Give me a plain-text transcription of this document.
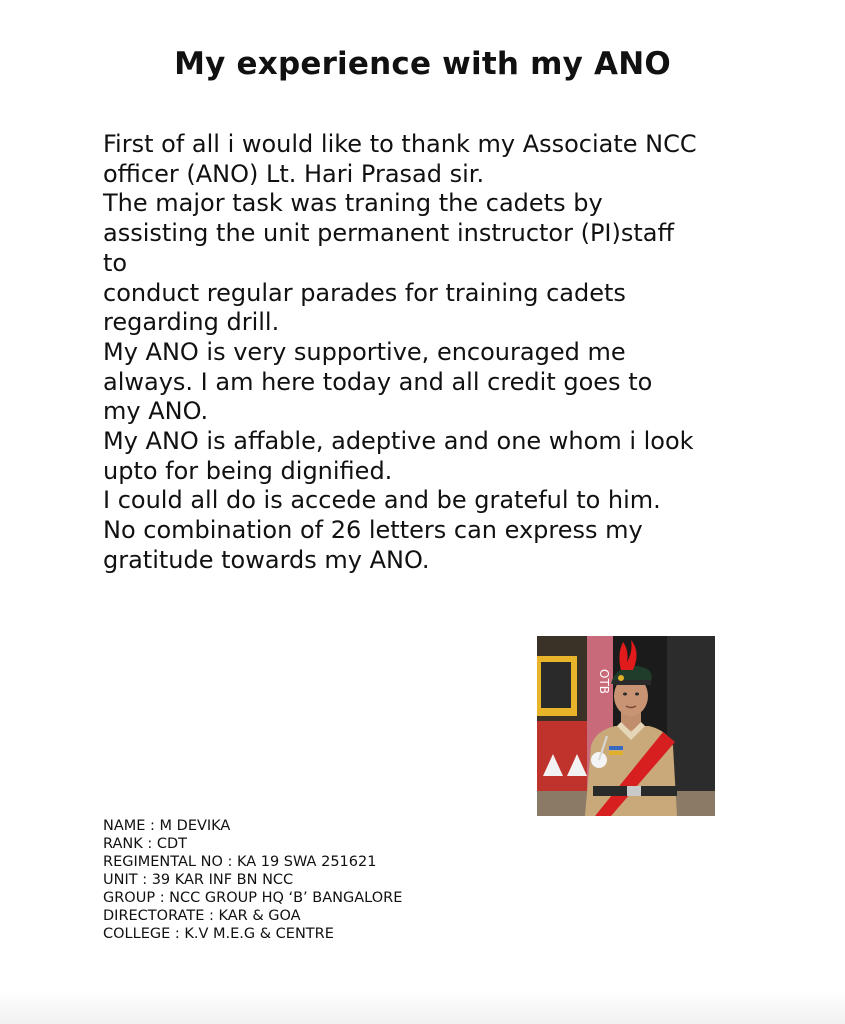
My experience with my ANO
First of all i would like to thank my Associate NCC
officer (ANO) Lt. Hari Prasad sir.
The major task was traning the cadets by
assisting the unit permanent instructor (PI)staff
to
conduct regular parades for training cadets
regarding drill.
My ANO is very supportive, encouraged me
always. I am here today and all credit goes to
my ANO.
My ANO is affable, adeptive and one whom i look
upto for being dignified.
I could all do is accede and be grateful to him.
No combination of 26 letters can express my
gratitude towards my ANO.
OTB
NAME : M DEVIKA
RANK : CDT
REGIMENTAL NO : KA 19 SWA 251621
UNIT : 39 KAR INF BN NCC
GROUP : NCC GROUP HQ ‘B’ BANGALORE
DIRECTORATE : KAR & GOA
COLLEGE : K.V M.E.G & CENTRE
